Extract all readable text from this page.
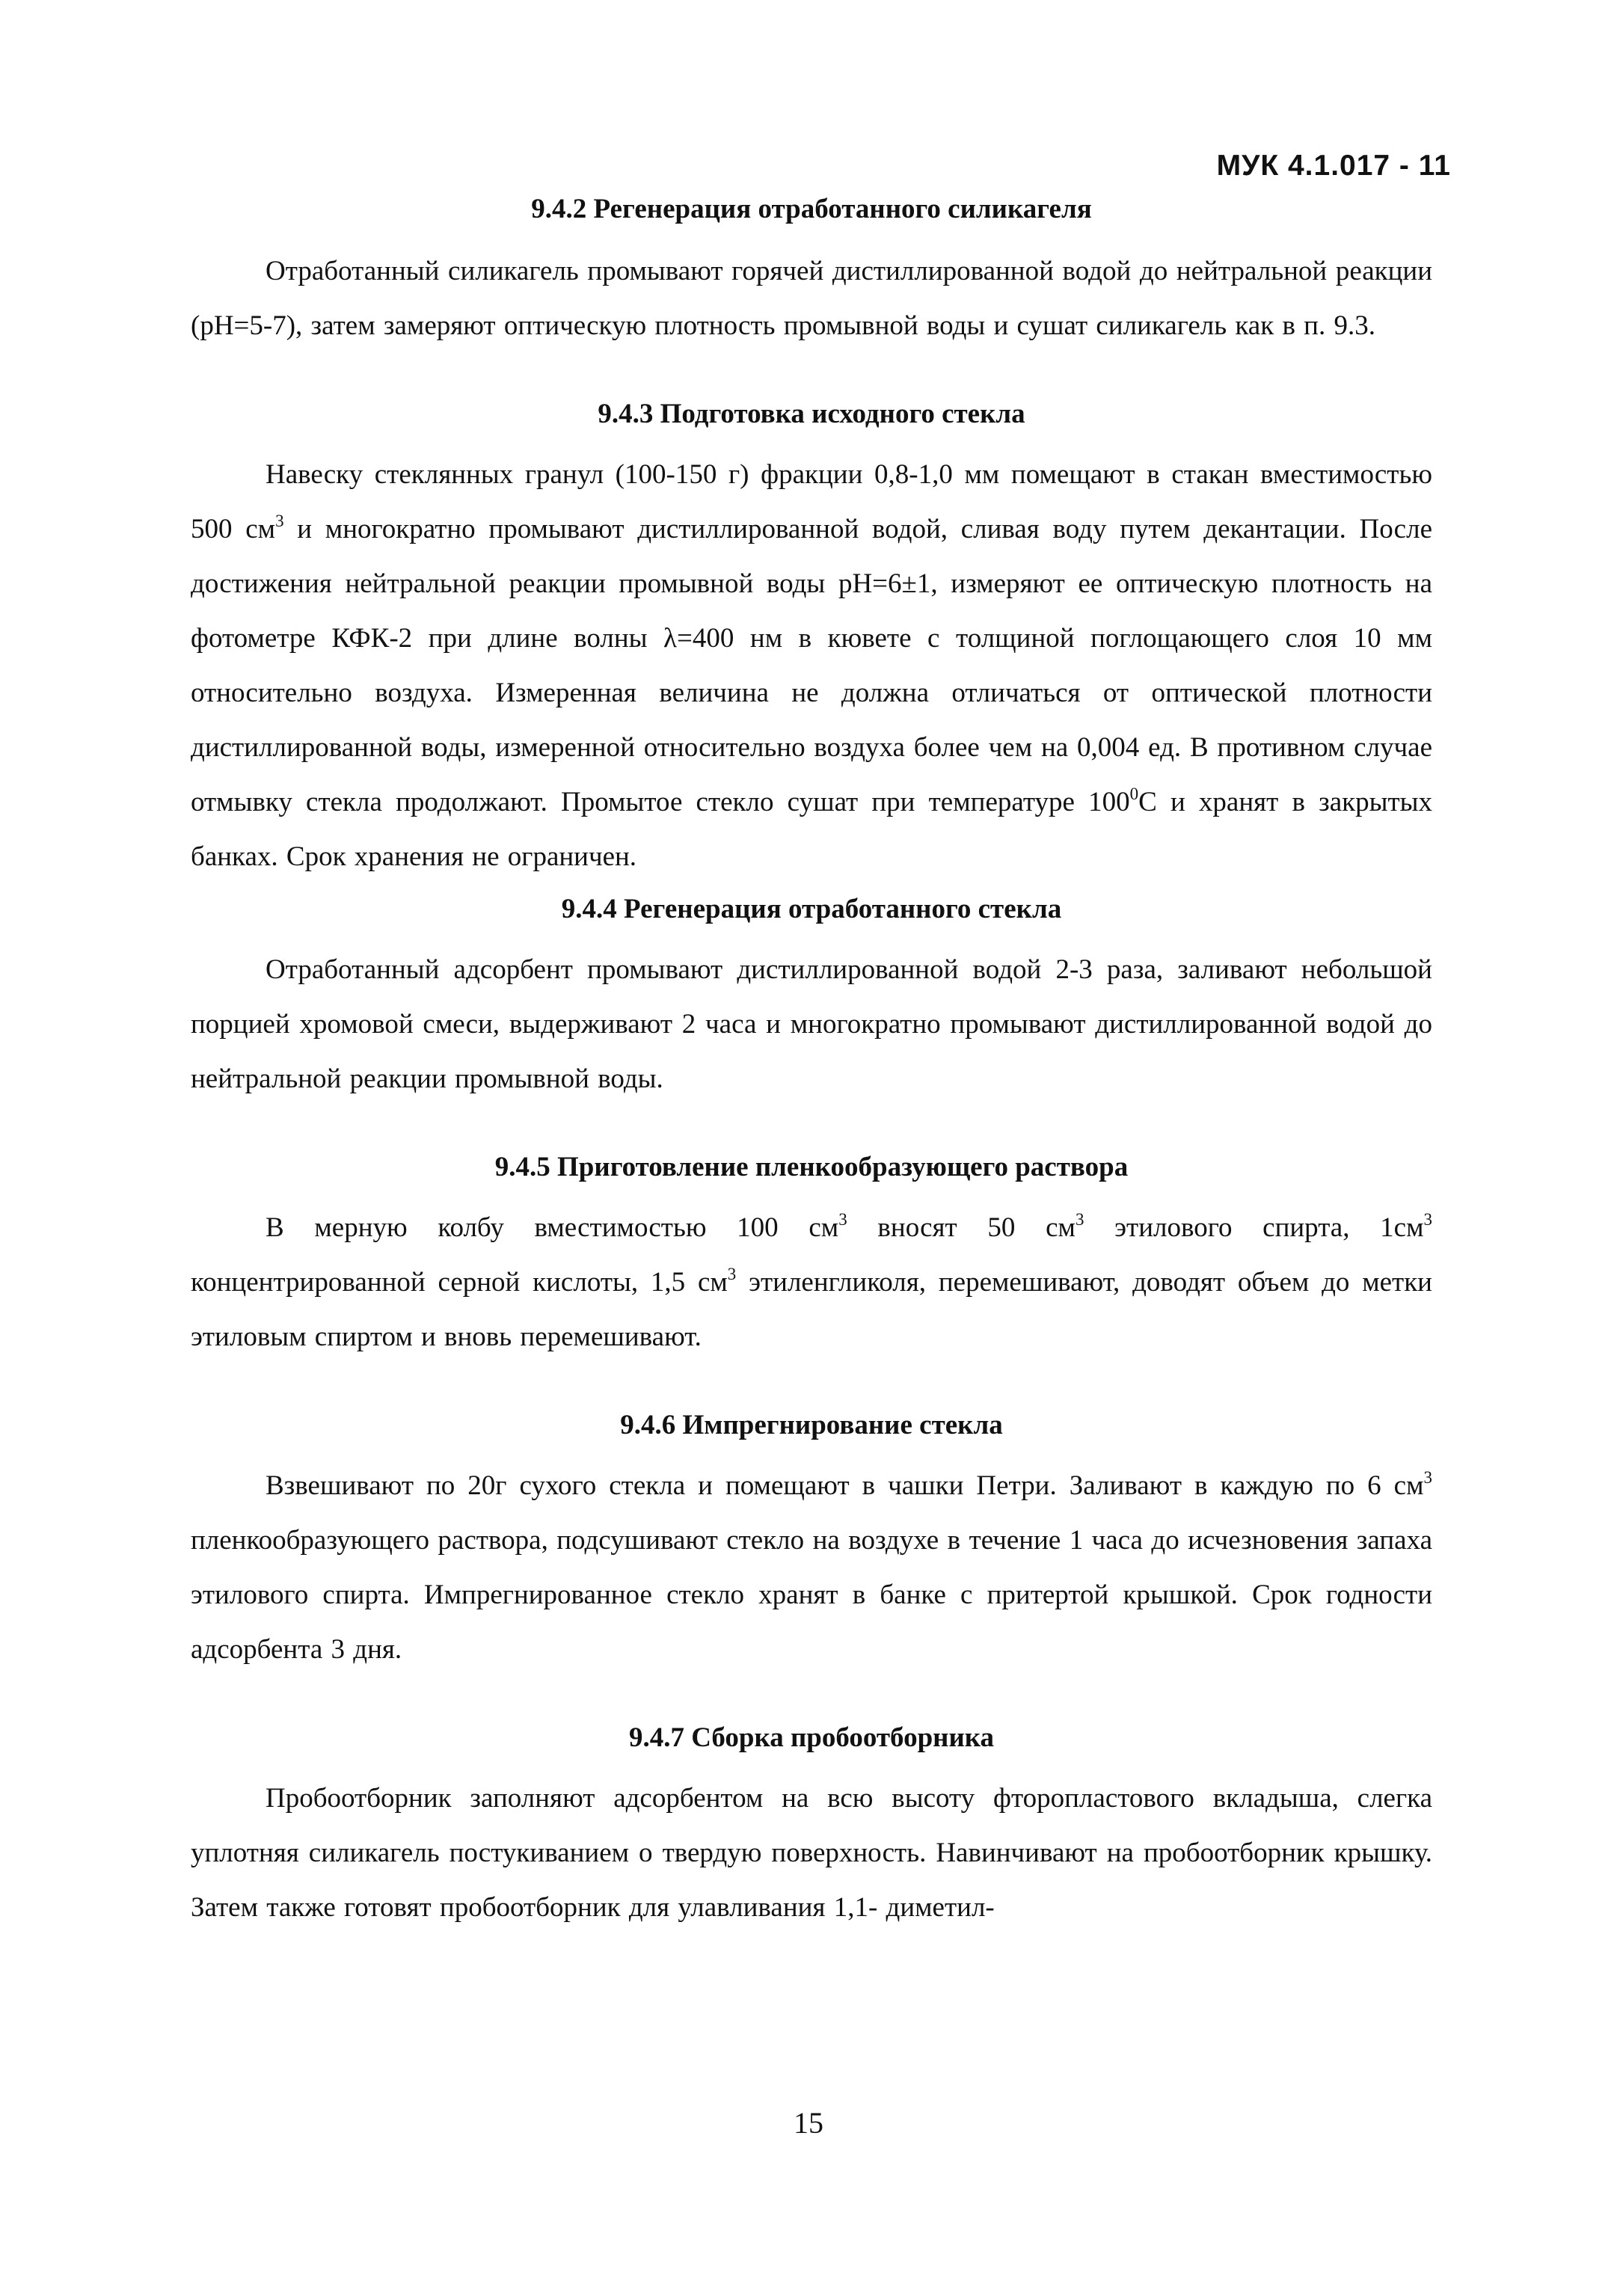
МУК 4.1.017 - 11
9.4.2 Регенерация отработанного силикагеля

Отработанный силикагель промывают горячей дистиллированной водой до нейтральной реакции (pH=5-7), затем замеряют оптическую плотность промывной воды и сушат силикагель как в п. 9.3.

9.4.3 Подготовка исходного стекла

Навеску стеклянных гранул (100-150 г) фракции 0,8-1,0 мм помещают в стакан вместимостью 500 $см^3$ и многократно промывают дистиллированной водой, сливая воду путем декантации. После достижения нейтральной реакции промывной воды pH=6±1, измеряют ее оптическую плотность на фотометре КФК-2 при длине волны λ=400 нм в кювете с толщиной поглощающего слоя 10 мм относительно воздуха. Измеренная величина не должна отличаться от оптической плотности дистиллированной воды, измеренной относительно воздуха более чем на 0,004 ед. В противном случае отмывку стекла продолжают. Промытое стекло сушат при температуре $100^0С$ и хранят в закрытых банках. Срок хранения не ограничен.

9.4.4 Регенерация отработанного стекла

Отработанный адсорбент промывают дистиллированной водой 2-3 раза, заливают небольшой порцией хромовой смеси, выдерживают 2 часа и многократно промывают дистиллированной водой до нейтральной реакции промывной воды.

9.4.5 Приготовление пленкообразующего раствора

В мерную колбу вместимостью 100 $см^3$ вносят 50 $см^3$ этилового спирта, $1см^3$ концентрированной серной кислоты, 1,5 $см^3$ этиленгликоля, перемешивают, доводят объем до метки этиловым спиртом и вновь перемешивают.

9.4.6 Импрегнирование стекла

Взвешивают по 20г сухого стекла и помещают в чашки Петри. Заливают в каждую по 6 $см^3$ пленкообразующего раствора, подсушивают стекло на воздухе в течение 1 часа до исчезновения запаха этилового спирта. Импрегнированное стекло хранят в банке с притертой крышкой. Срок годности адсорбента 3 дня.

9.4.7 Сборка пробоотборника

Пробоотборник заполняют адсорбентом на всю высоту фторопластового вкладыша, слегка уплотняя силикагель постукиванием о твердую поверхность. Навинчивают на пробоотборник крышку. Затем также готовят пробоотборник для улавливания 1,1- диметил-

15
